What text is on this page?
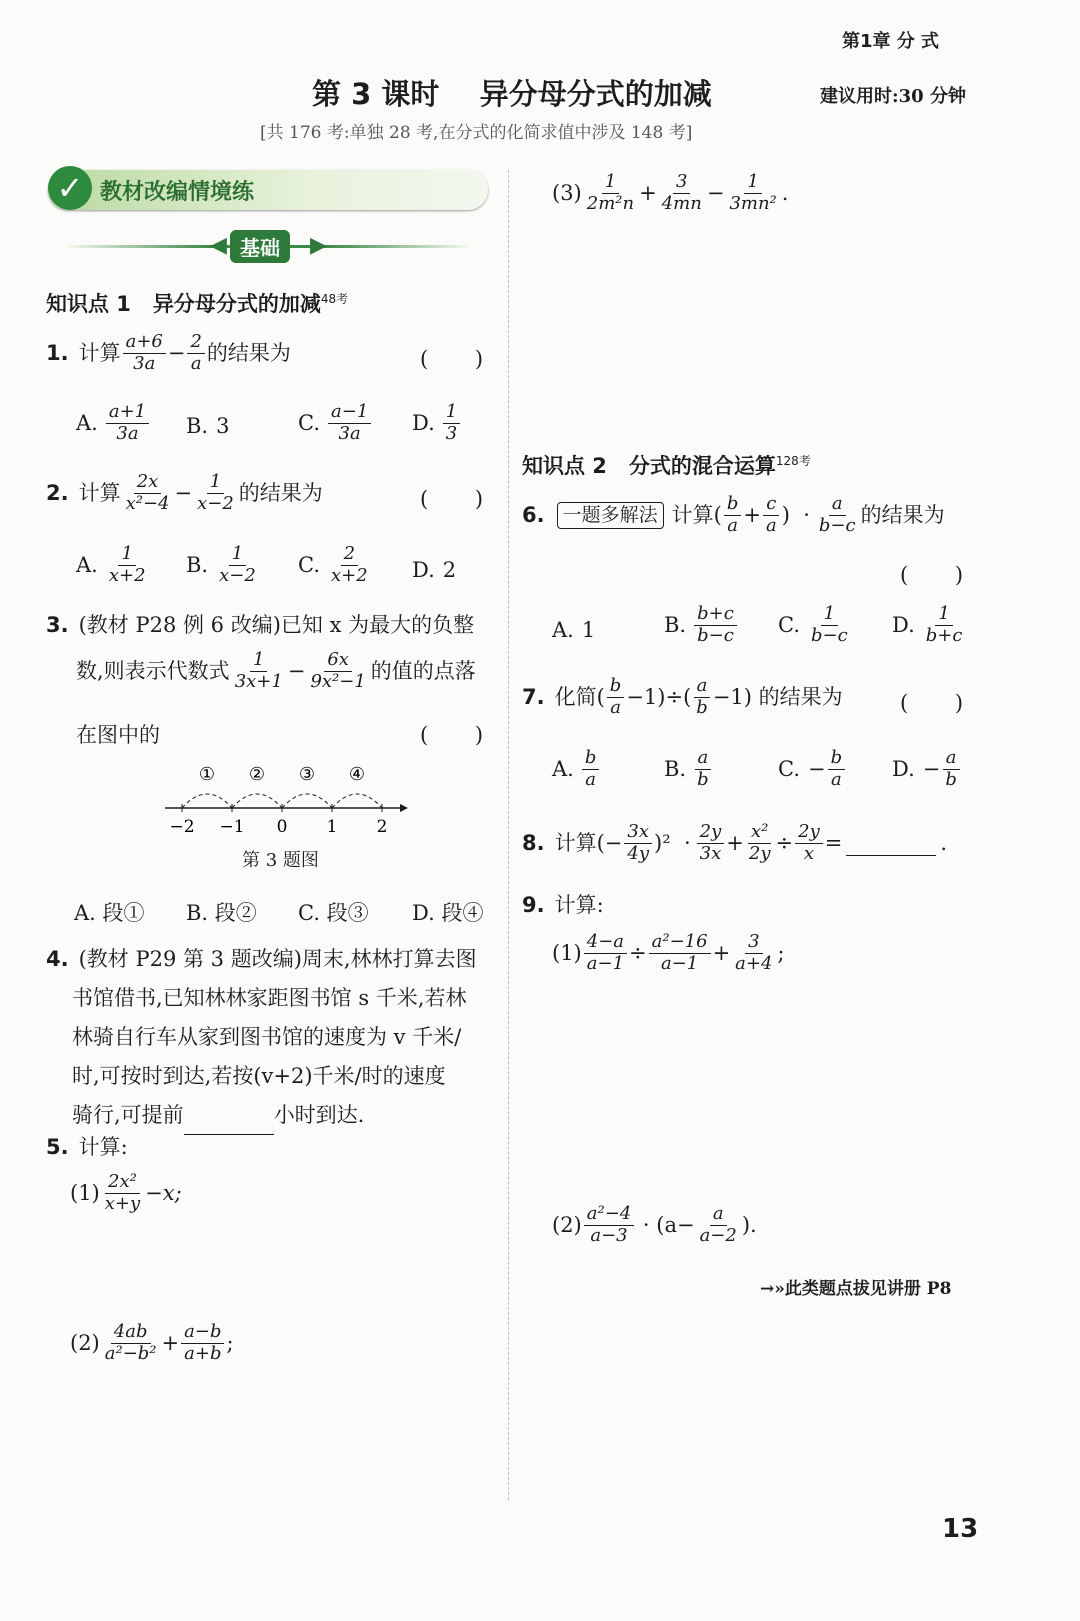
第1章 分 式
第 3 课时    异分母分式的加减	建议用时:30 分钟
[共 176 考:单独 28 考,在分式的化简求值中涉及 148 考]
✓ 教材改编情境练
◀ 基础	▶
知识点 1   异分母分式的加减$^{48考}$
1. 计算 $\frac{a+6}{3a} - \frac{2}{a}$ 的结果为	(       )
A. $\frac{a+1}{3a} B$. 3	C. $\frac{a-1}{3a} D$. $\frac{1}{3}$
2. 计算 $\frac{2x}{\text{x²−4}} - \frac{1}{x-2}$ 的结果为	(       )
A. $\frac{1}{x+2} B$. $\frac{1}{x-2} C$. $\frac{2}{x+2} D$. 2
3. (教材 P28 例 6 改编)已知 x 为最大的负整
数,则表示代数式 $\frac{1}{3x+1} - \frac{6x}{\text{9x²−1}}$ 的值的点落
在图中的	(       )
① ② ③ ④
−2 −1 0 1 2
第 3 题图
A. 段① B. 段② C. 段③ D. 段④
4. (教材 P29 第 3 题改编)周末,林林打算去图
书馆借书,已知林林家距图书馆 s 千米,若林
林骑自行车从家到图书馆的速度为 v 千米/
时,可按时到达,若按(v+2)千米/时的速度
骑行,可提前	小时到达.
5. 计算:
$(1) \frac{\text{2x²}}{x+y} -x$;
$(2) \frac{4ab}{\text{a²−b²}} + \frac{a-b}{a+b}$ ;
$(3) \frac{1}{\text{2m²n}} + \frac{3}{4mn} - \frac{1}{\text{3mn²}}$ .
知识点 2   分式的混合运算$^{128考}$
6. 一题多解法 计算( $\frac{b}{a} + \frac{c}{a}$ )  · $\frac{a}{b-c}$ 的结果为
(       )
A. 1	B. $\frac{b+c}{b-c} C$. $\frac{1}{b-c} D$. $\frac{1}{b+c}$
7. 化简( $\frac{b}{a} -1)\div( \frac{a}{b} -1)$ 的结果为	(       )
A. $\frac{b}{a}$	B. $\frac{a}{b}$	C. − $\frac{b}{a} D$. − $\frac{a}{b}$
8. 计算(− $\frac{3x}{4y} )^2 \cdot \frac{2y}{3x} + \frac{\text{x²}}{2y} \div \frac{2y}{x}$ =	.
9. 计算:
$(1) \frac{4-a}{a-1} \div \frac{\text{a²−16}}{a-1} + \frac{3}{a+4}$ ;
$(2) \frac{\text{a²−4}}{a-3} \cdot (a- \frac{a}{a-2}$ ).
→»此类题点拔见讲册 P8
13
